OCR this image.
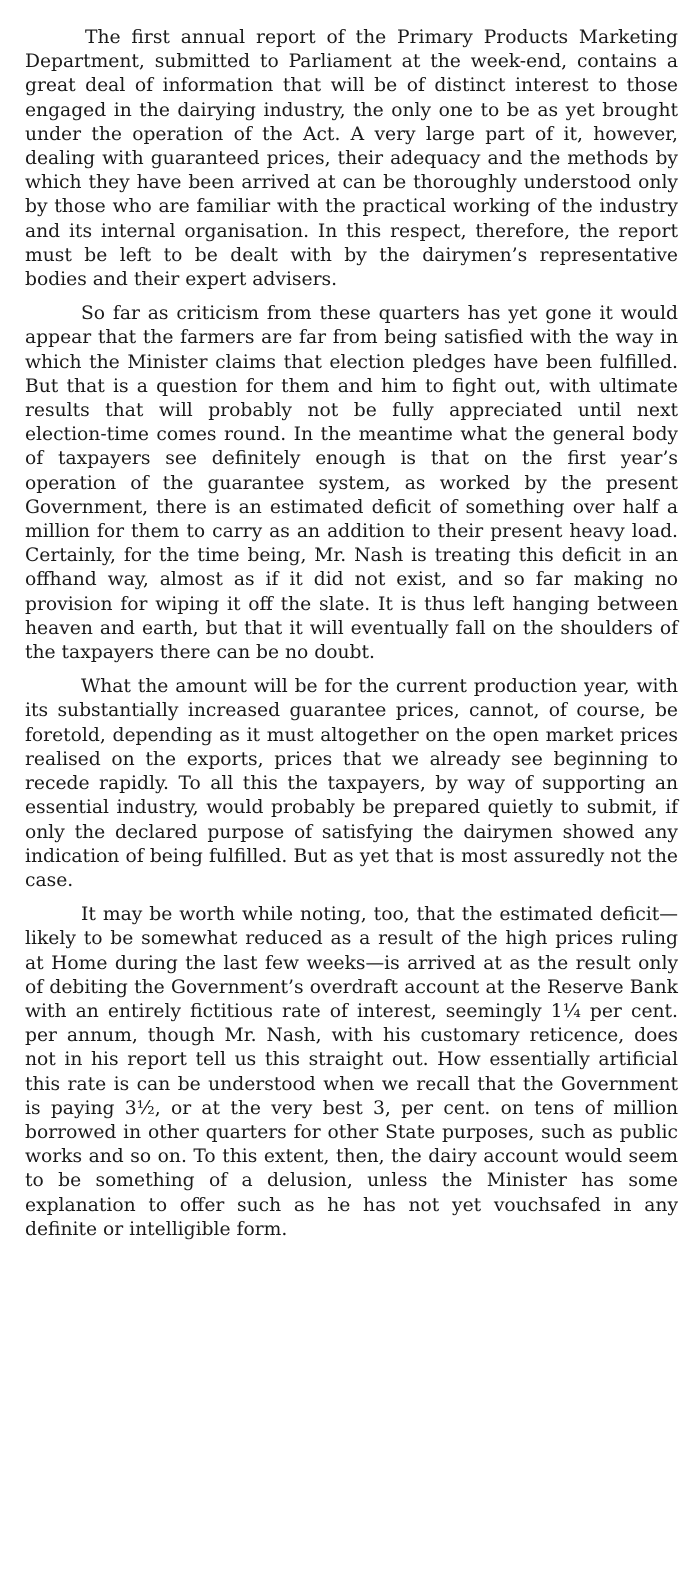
The first annual report of the Primary Products Marketing Department, submitted to Parliament at the week-end, contains a great deal of information that will be of distinct interest to those engaged in the dairying industry, the only one to be as yet brought under the operation of the Act. A very large part of it, however, dealing with guaranteed prices, their adequacy and the methods by which they have been arrived at can be thoroughly understood only by those who are familiar with the practical working of the industry and its internal organisation. In this respect, therefore, the report must be left to be dealt with by the dairymen’s representative bodies and their expert advisers.

So far as criticism from these quarters has yet gone it would appear that the farmers are far from being satisfied with the way in which the Minister claims that election pledges have been fulfilled. But that is a question for them and him to fight out, with ultimate results that will probably not be fully appreciated until next election-time comes round. In the meantime what the general body of taxpayers see definitely enough is that on the first year’s operation of the guarantee system, as worked by the present Government, there is an estimated deficit of something over half a million for them to carry as an addition to their present heavy load. Certainly, for the time being, Mr. Nash is treating this deficit in an offhand way, almost as if it did not exist, and so far making no provision for wiping it off the slate. It is thus left hanging between heaven and earth, but that it will eventually fall on the shoulders of the taxpayers there can be no doubt.

What the amount will be for the current production year, with its substantially increased guarantee prices, cannot, of course, be foretold, depending as it must altogether on the open market prices realised on the exports, prices that we already see beginning to recede rapidly. To all this the taxpayers, by way of supporting an essential industry, would probably be prepared quietly to submit, if only the declared purpose of satisfying the dairymen showed any indication of being fulfilled. But as yet that is most assuredly not the case.

It may be worth while noting, too, that the estimated deficit—likely to be somewhat reduced as a result of the high prices ruling at Home during the last few weeks—is arrived at as the result only of debiting the Government’s overdraft account at the Reserve Bank with an entirely fictitious rate of interest, seemingly 1¼ per cent. per annum, though Mr. Nash, with his customary reticence, does not in his report tell us this straight out. How essentially artificial this rate is can be understood when we recall that the Government is paying 3½, or at the very best 3, per cent. on tens of million borrowed in other quarters for other State purposes, such as public works and so on. To this extent, then, the dairy account would seem to be something of a delusion, unless the Minister has some explanation to offer such as he has not yet vouchsafed in any definite or intelligible form.
